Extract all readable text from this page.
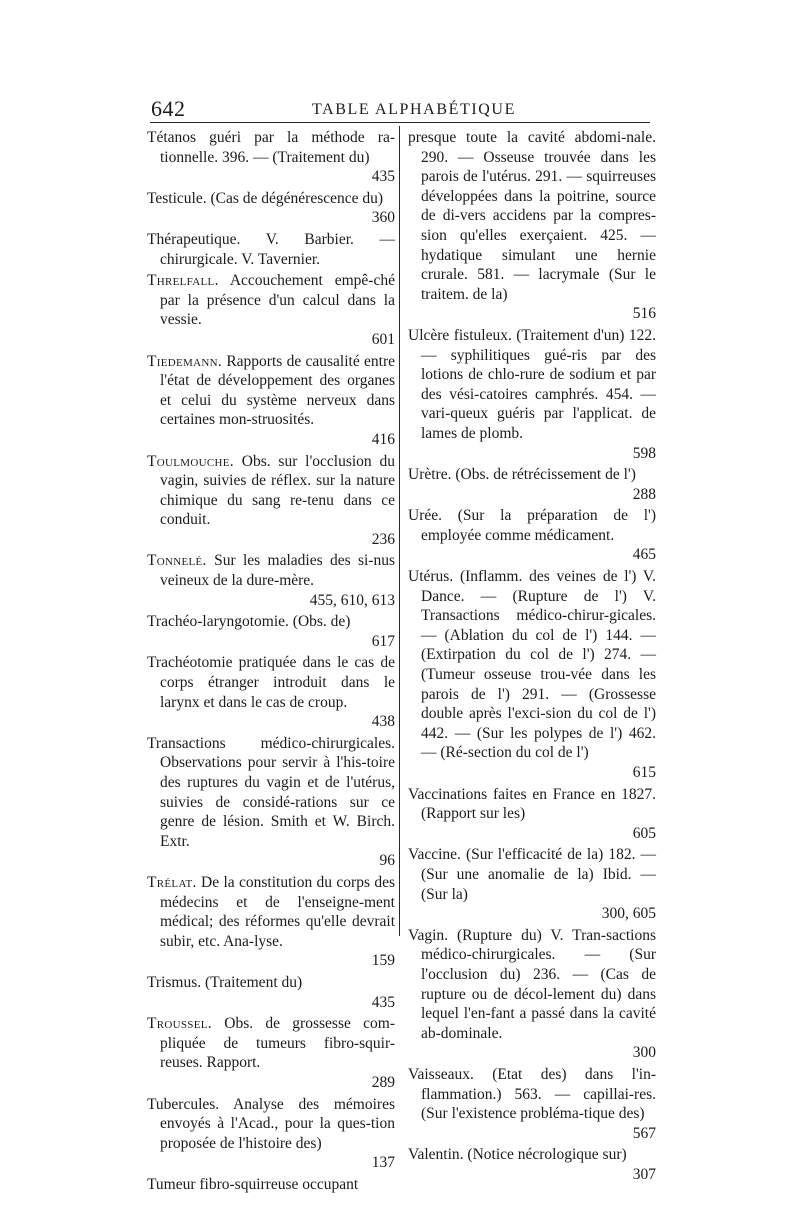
642	TABLE ALPHABÉTIQUE

Tétanos guéri par la méthode ra-tionnelle. 396. — (Traitement du)
435

Testicule. (Cas de dégénérescence du)
360

Thérapeutique. V. Barbier. — chirurgicale. V. Tavernier.

Threlfall. Accouchement empê-ché par la présence d'un calcul dans la vessie.
601

Tiedemann. Rapports de causalité entre l'état de développement des organes et celui du système nerveux dans certaines mon-struosités.
416

Toulmouche. Obs. sur l'occlusion du vagin, suivies de réflex. sur la nature chimique du sang re-tenu dans ce conduit.
236

Tonnelé. Sur les maladies des si-nus veineux de la dure-mère.
455, 610, 613

Trachéo-laryngotomie. (Obs. de)
617

Trachéotomie pratiquée dans le cas de corps étranger introduit dans le larynx et dans le cas de croup.
438

Transactions médico-chirurgicales. Observations pour servir à l'his-toire des ruptures du vagin et de l'utérus, suivies de considé-rations sur ce genre de lésion. Smith et W. Birch. Extr.
96

Trélat. De la constitution du corps des médecins et de l'enseigne-ment médical; des réformes qu'elle devrait subir, etc. Ana-lyse.
159

Trismus. (Traitement du)
435

Troussel. Obs. de grossesse com-pliquée de tumeurs fibro-squir-reuses. Rapport.
289

Tubercules. Analyse des mémoires envoyés à l'Acad., pour la ques-tion proposée de l'histoire des)
137

Tumeur fibro-squirreuse occupant

presque toute la cavité abdomi-nale. 290. — Osseuse trouvée dans les parois de l'utérus. 291. — squirreuses développées dans la poitrine, source de di-vers accidens par la compres-sion qu'elles exerçaient. 425. — hydatique simulant une hernie crurale. 581. — lacrymale (Sur le traitem. de la)
516

Ulcère fistuleux. (Traitement d'un) 122. — syphilitiques gué-ris par des lotions de chlo-rure de sodium et par des vési-catoires camphrés. 454. — vari-queux guéris par l'applicat. de lames de plomb.
598

Urètre. (Obs. de rétrécissement de l')
288

Urée. (Sur la préparation de l') employée comme médicament.
465

Utérus. (Inflamm. des veines de l') V. Dance. — (Rupture de l') V. Transactions médico-chirur-gicales. — (Ablation du col de l') 144. — (Extirpation du col de l') 274. — (Tumeur osseuse trou-vée dans les parois de l') 291. — (Grossesse double après l'exci-sion du col de l') 442. — (Sur les polypes de l') 462. — (Ré-section du col de l')
615

Vaccinations faites en France en 1827. (Rapport sur les)
605

Vaccine. (Sur l'efficacité de la) 182. — (Sur une anomalie de la) Ibid. — (Sur la)
300, 605

Vagin. (Rupture du) V. Tran-sactions médico-chirurgicales. — (Sur l'occlusion du) 236. — (Cas de rupture ou de décol-lement du) dans lequel l'en-fant a passé dans la cavité ab-dominale.
300

Vaisseaux. (Etat des) dans l'in-flammation.) 563. — capillai-res. (Sur l'existence probléma-tique des)
567

Valentin. (Notice nécrologique sur)
307
